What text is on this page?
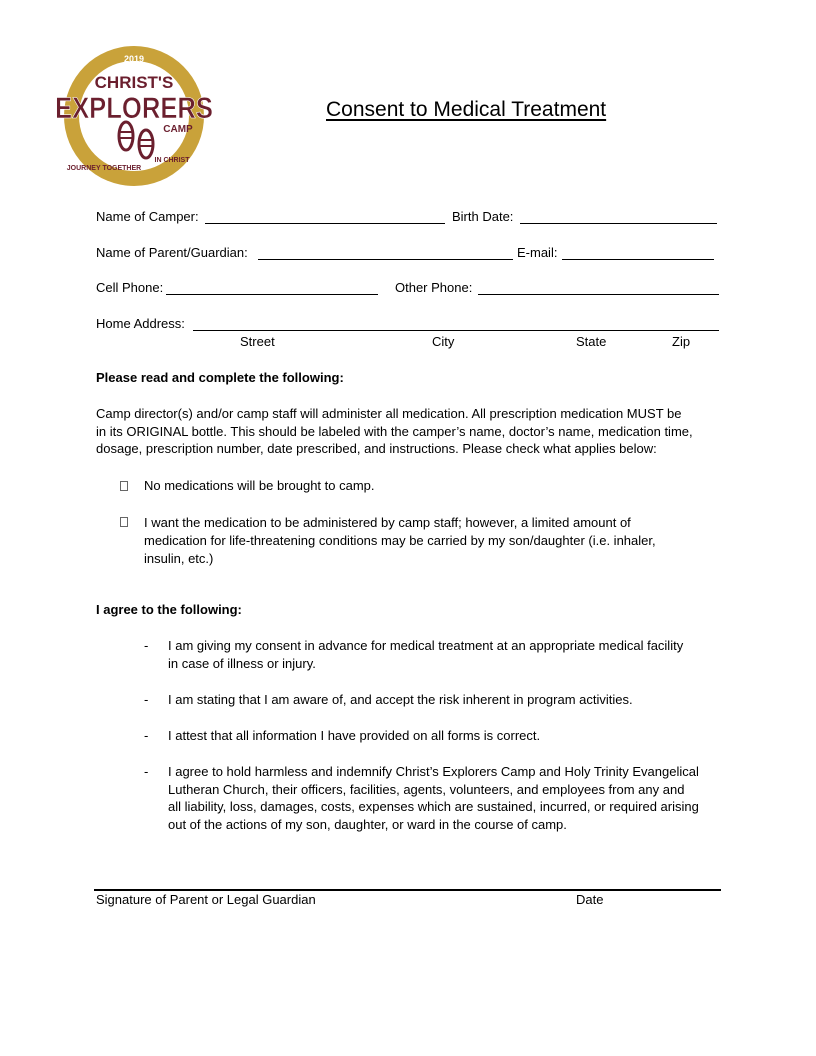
2019
CHRIST'S
EXPLORERS
CAMP
JOURNEY TOGETHER
IN CHRIST
Consent to Medical Treatment
Name of Camper:	Birth Date:
Name of Parent/Guardian:	E-mail:
Cell Phone:	Other Phone:
Home Address:
Street	City	State	Zip
Please read and complete the following:
Camp director(s) and/or camp staff will administer all medication. All prescription medication MUST be
in its ORIGINAL bottle. This should be labeled with the camper’s name, doctor’s name, medication time,
dosage, prescription number, date prescribed, and instructions. Please check what applies below:
No medications will be brought to camp.
I want the medication to be administered by camp staff; however, a limited amount of
medication for life-threatening conditions may be carried by my son/daughter (i.e. inhaler,
insulin, etc.)
I agree to the following:
- I am giving my consent in advance for medical treatment at an appropriate medical facility
in case of illness or injury.
- I am stating that I am aware of, and accept the risk inherent in program activities.
- I attest that all information I have provided on all forms is correct.
- I agree to hold harmless and indemnify Christ’s Explorers Camp and Holy Trinity Evangelical
Lutheran Church, their officers, facilities, agents, volunteers, and employees from any and
all liability, loss, damages, costs, expenses which are sustained, incurred, or required arising
out of the actions of my son, daughter, or ward in the course of camp.
Signature of Parent or Legal Guardian	Date
